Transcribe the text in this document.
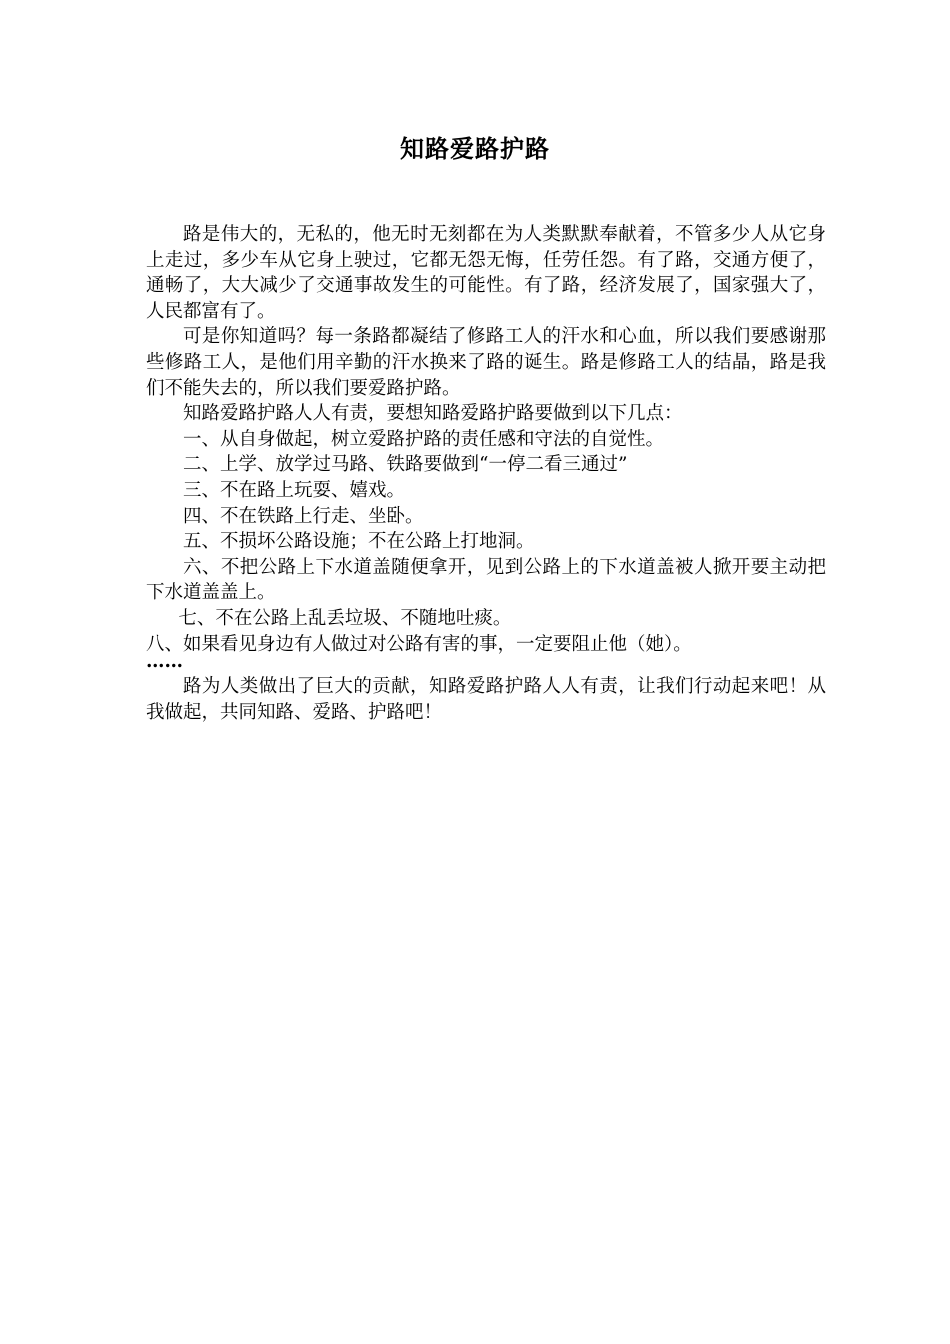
知路爱路护路

路是伟大的，无私的，他无时无刻都在为人类默默奉献着，不管多少人从它身上走过，多少车从它身上驶过，它都无怨无悔，任劳任怨。有了路，交通方便了，通畅了，大大减少了交通事故发生的可能性。有了路，经济发展了，国家强大了，人民都富有了。

可是你知道吗？每一条路都凝结了修路工人的汗水和心血，所以我们要感谢那些修路工人，是他们用辛勤的汗水换来了路的诞生。路是修路工人的结晶，路是我们不能失去的，所以我们要爱路护路。

知路爱路护路人人有责，要想知路爱路护路要做到以下几点：

一、从自身做起，树立爱路护路的责任感和守法的自觉性。

二、上学、放学过马路、铁路要做到“一停二看三通过”

三、不在路上玩耍、嬉戏。

四、不在铁路上行走、坐卧。

五、不损坏公路设施；不在公路上打地洞。

六、不把公路上下水道盖随便拿开，见到公路上的下水道盖被人掀开要主动把下水道盖盖上。

七、不在公路上乱丢垃圾、不随地吐痰。

八、如果看见身边有人做过对公路有害的事，一定要阻止他（她）。

……

路为人类做出了巨大的贡献，知路爱路护路人人有责，让我们行动起来吧！从我做起，共同知路、爱路、护路吧！
